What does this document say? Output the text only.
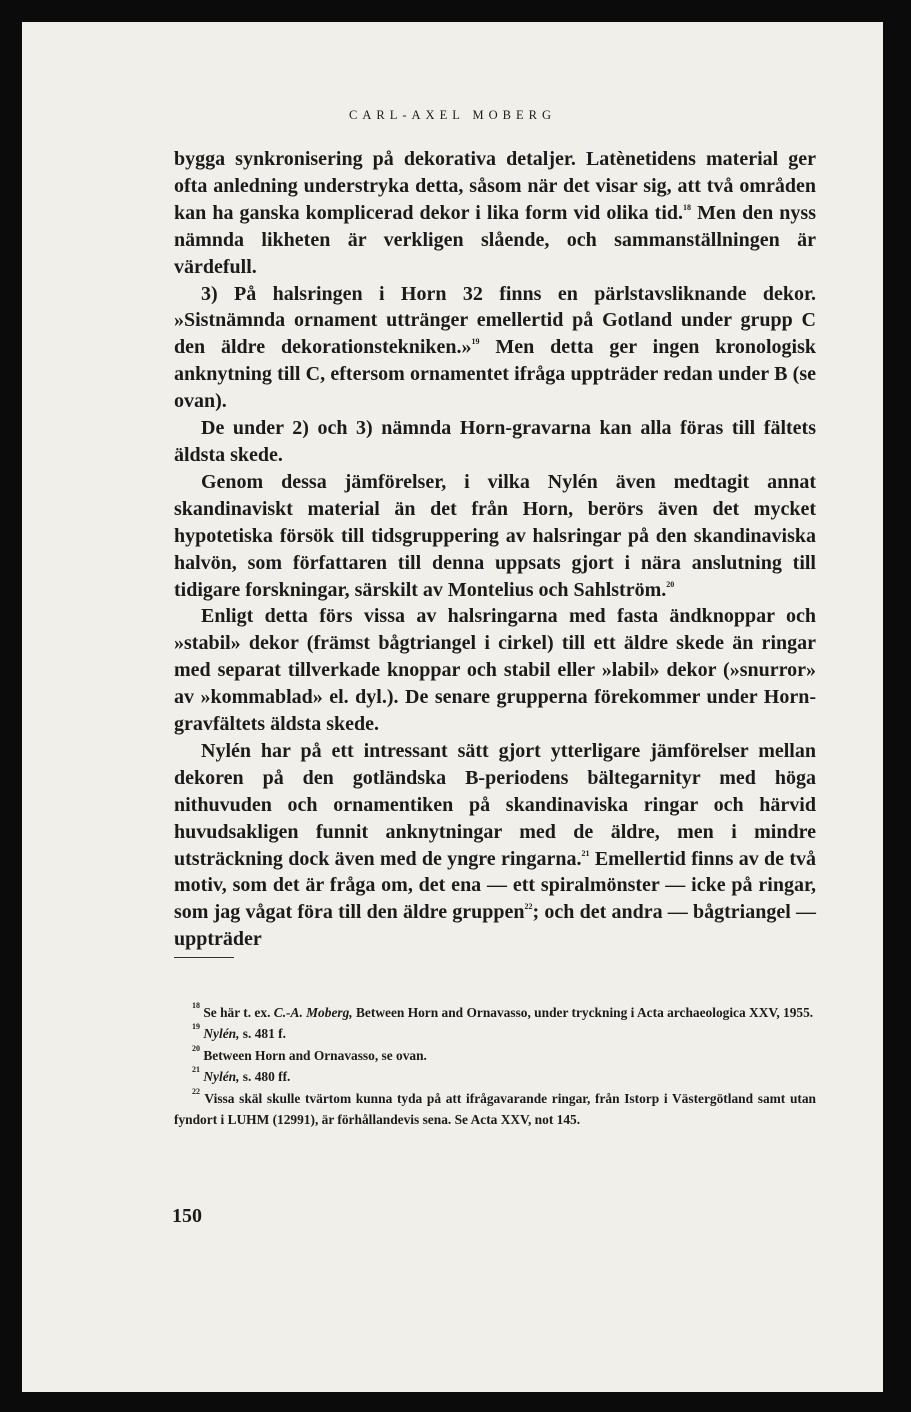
CARL-AXEL MOBERG

bygga synkronisering på dekorativa detaljer. Latènetidens material ger ofta anledning understryka detta, såsom när det visar sig, att två områden kan ha ganska komplicerad dekor i lika form vid olika tid.$^{18}$ Men den nyss nämnda likheten är verkligen slående, och sammanställningen är värdefull.

3) På halsringen i Horn 32 finns en pärlstavsliknande dekor. »Sistnämnda ornament uttränger emellertid på Gotland under grupp C den äldre dekorationstekniken.»$^{19}$ Men detta ger ingen kronologisk anknytning till C, eftersom ornamentet ifråga uppträder redan under B (se ovan).

De under 2) och 3) nämnda Horn-gravarna kan alla föras till fältets äldsta skede.

Genom dessa jämförelser, i vilka Nylén även medtagit annat skandinaviskt material än det från Horn, berörs även det mycket hypotetiska försök till tidsgruppering av halsringar på den skandinaviska halvön, som författaren till denna uppsats gjort i nära anslutning till tidigare forskningar, särskilt av Montelius och Sahlström.$^{20}$

Enligt detta förs vissa av halsringarna med fasta ändknoppar och »stabil» dekor (främst bågtriangel i cirkel) till ett äldre skede än ringar med separat tillverkade knoppar och stabil eller »labil» dekor (»snurror» av »kommablad» el. dyl.). De senare grupperna förekommer under Horn-gravfältets äldsta skede.

Nylén har på ett intressant sätt gjort ytterligare jämförelser mellan dekoren på den gotländska B-periodens bältegarnityr med höga nithuvuden och ornamentiken på skandinaviska ringar och härvid huvudsakligen funnit anknytningar med de äldre, men i mindre utsträckning dock även med de yngre ringarna.$^{21}$ Emellertid finns av de två motiv, som det är fråga om, det ena — ett spiralmönster — icke på ringar, som jag vågat föra till den äldre gruppen$^{22}$; och det andra — bågtriangel — uppträder

$^{18}$ Se här t. ex. C.-A. Moberg, Between Horn and Ornavasso, under tryckning i Acta archaeologica XXV, 1955.

$^{19}$ Nylén, s. 481 f.

$^{20}$ Between Horn and Ornavasso, se ovan.

$^{21}$ Nylén, s. 480 ff.

$^{22}$ Vissa skäl skulle tvärtom kunna tyda på att ifrågavarande ringar, från Istorp i Västergötland samt utan fyndort i LUHM (12991), är förhållandevis sena. Se Acta XXV, not 145.

150
